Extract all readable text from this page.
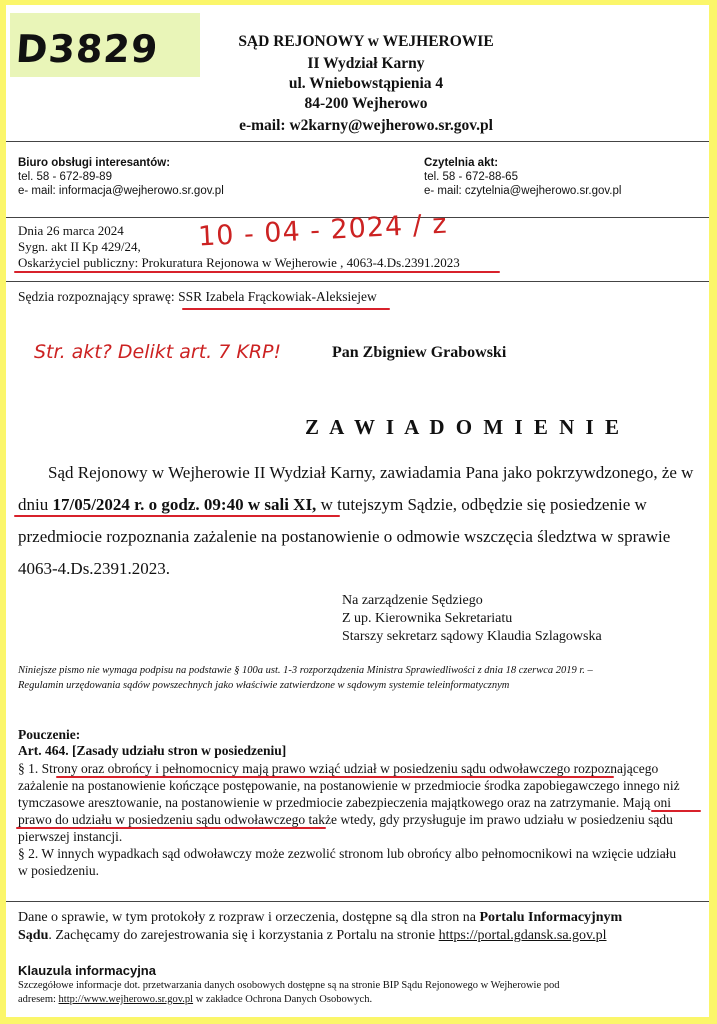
D3829	SĄD REJONOWY w WEJHEROWIE
II Wydział Karny
ul. Wniebowstąpienia 4
84-200 Wejherowo
e-mail: w2karny@wejherowo.sr.gov.pl
Biuro obsługi interesantów:
tel. 58 - 672-89-89
e- mail: informacja@wejherowo.sr.gov.pl
Czytelnia akt:
tel. 58 - 672-88-65
e- mail: czytelnia@wejherowo.sr.gov.pl
Dnia 26 marca 2024
Sygn. akt II Kp 429/24,
Oskarżyciel publiczny: Prokuratura Rejonowa w Wejherowie , 4063-4.Ds.2391.2023
10 - 04 - 2024 / z
Sędzia rozpoznający sprawę: SSR Izabela Frąckowiak-Aleksiejew
Str. akt? Delikt art. 7 KRP!	Pan Zbigniew Grabowski
Z A W I A D O M I E N I E
Sąd Rejonowy w Wejherowie II Wydział Karny, zawiadamia Pana jako pokrzywdzonego, że w
dniu 17/05/2024 r. o godz. 09:40 w sali XI, w tutejszym Sądzie, odbędzie się posiedzenie w
przedmiocie rozpoznania zażalenie na postanowienie o odmowie wszczęcia śledztwa w sprawie
4063-4.Ds.2391.2023.
Na zarządzenie Sędziego
Z up. Kierownika Sekretariatu
Starszy sekretarz sądowy Klaudia Szlagowska
Niniejsze pismo nie wymaga podpisu na podstawie § 100a ust. 1-3 rozporządzenia Ministra Sprawiedliwości z dnia 18 czerwca 2019 r. –
Regulamin urzędowania sądów powszechnych jako właściwie zatwierdzone w sądowym systemie teleinformatycznym
Pouczenie:
Art. 464. [Zasady udziału stron w posiedzeniu]
§ 1. Strony oraz obrońcy i pełnomocnicy mają prawo wziąć udział w posiedzeniu sądu odwoławczego rozpoznającego
zażalenie na postanowienie kończące postępowanie, na postanowienie w przedmiocie środka zapobiegawczego innego niż
tymczasowe aresztowanie, na postanowienie w przedmiocie zabezpieczenia majątkowego oraz na zatrzymanie. Mają oni
prawo do udziału w posiedzeniu sądu odwoławczego także wtedy, gdy przysługuje im prawo udziału w posiedzeniu sądu
pierwszej instancji.
§ 2. W innych wypadkach sąd odwoławczy może zezwolić stronom lub obrońcy albo pełnomocnikowi na wzięcie udziału
w posiedzeniu.
Dane o sprawie, w tym protokoły z rozpraw i orzeczenia, dostępne są dla stron na Portalu Informacyjnym
Sądu. Zachęcamy do zarejestrowania się i korzystania z Portalu na stronie https://portal.gdansk.sa.gov.pl
Klauzula informacyjna
Szczegółowe informacje dot. przetwarzania danych osobowych dostępne są na stronie BIP Sądu Rejonowego w Wejherowie pod
adresem: http://www.wejherowo.sr.gov.pl w zakładce Ochrona Danych Osobowych.
